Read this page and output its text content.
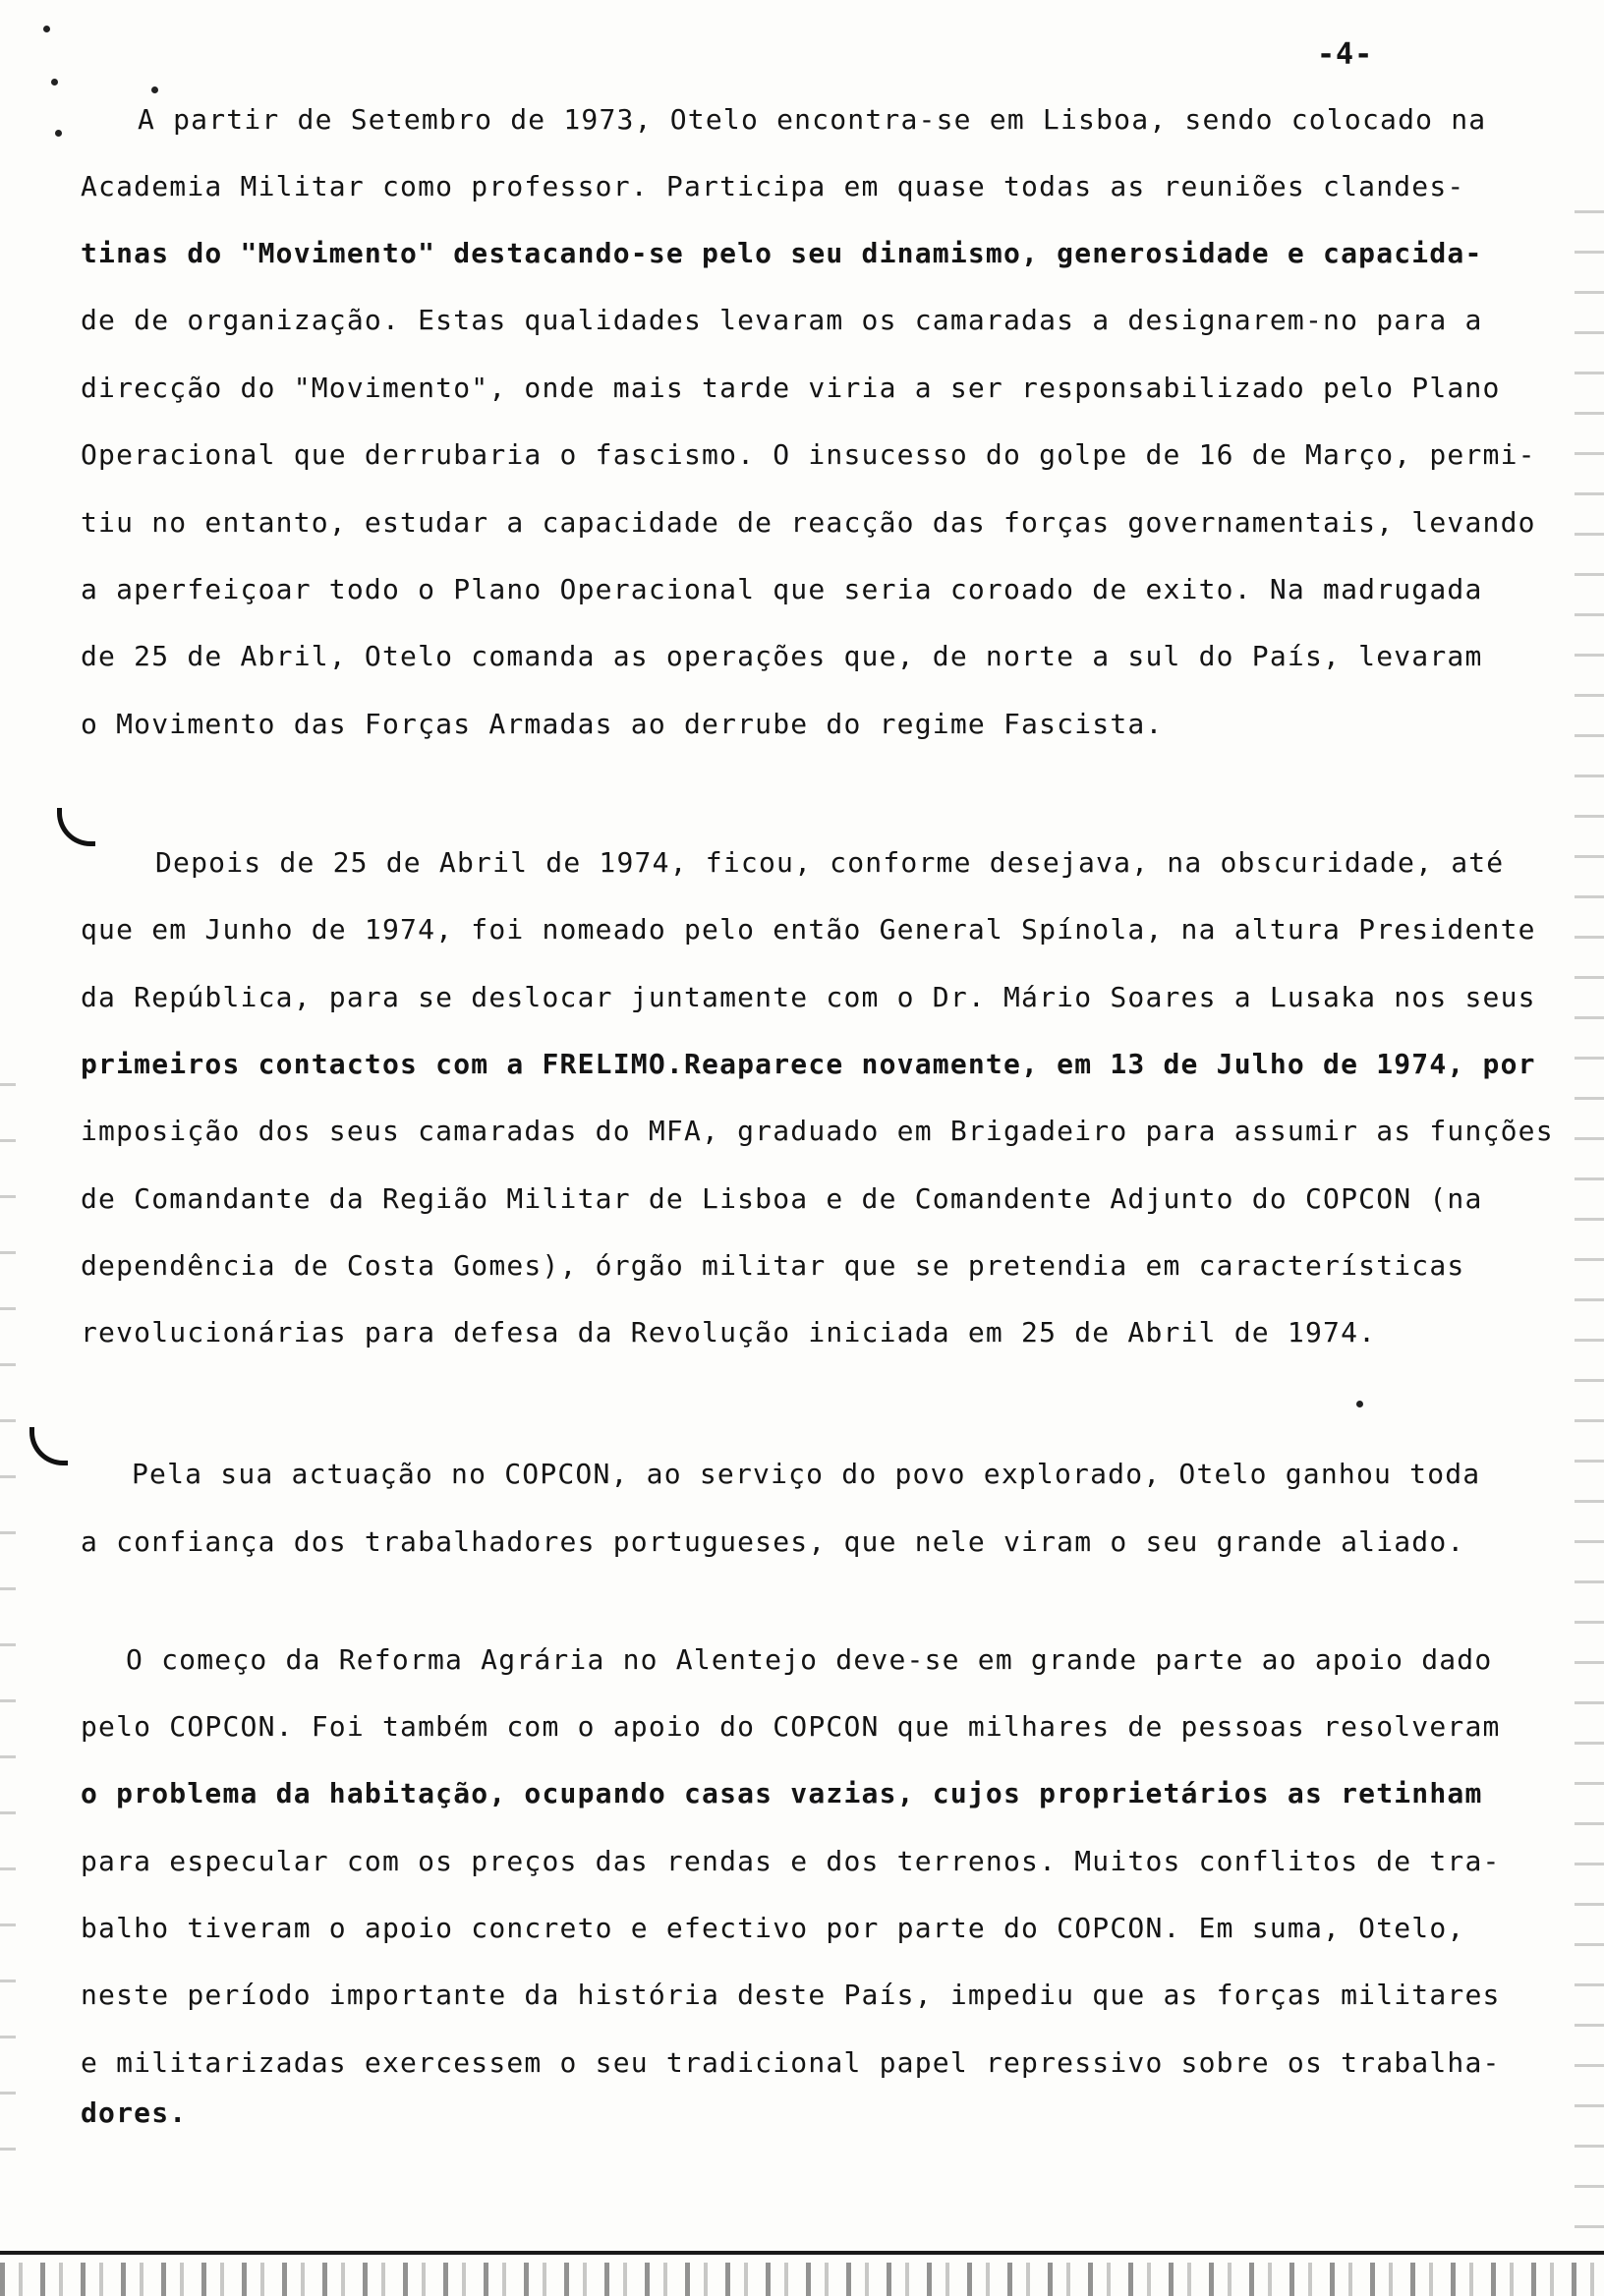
-4-
A partir de Setembro de 1973, Otelo encontra-se em Lisboa, sendo colocado na
Academia Militar como professor. Participa em quase todas as reuniões clandes-
tinas do "Movimento" destacando-se pelo seu dinamismo, generosidade e capacida-
de de organização. Estas qualidades levaram os camaradas a designarem-no para a
direcção do "Movimento", onde mais tarde viria a ser responsabilizado pelo Plano
Operacional que derrubaria o fascismo. O insucesso do golpe de 16 de Março, permi-
tiu no entanto, estudar a capacidade de reacção das forças governamentais, levando
a aperfeiçoar todo o Plano Operacional que seria coroado de exito. Na madrugada
de 25 de Abril, Otelo comanda as operações que, de norte a sul do País, levaram
o Movimento das Forças Armadas ao derrube do regime Fascista.
Depois de 25 de Abril de 1974, ficou, conforme desejava, na obscuridade, até
que em Junho de 1974, foi nomeado pelo então General Spínola, na altura Presidente
da República, para se deslocar juntamente com o Dr. Mário Soares a Lusaka nos seus
primeiros contactos com a FRELIMO.Reaparece novamente, em 13 de Julho de 1974, por
imposição dos seus camaradas do MFA, graduado em Brigadeiro para assumir as funções
de Comandante da Região Militar de Lisboa e de Comandente Adjunto do COPCON (na
dependência de Costa Gomes), órgão militar que se pretendia em características
revolucionárias para defesa da Revolução iniciada em 25 de Abril de 1974.
Pela sua actuação no COPCON, ao serviço do povo explorado, Otelo ganhou toda
a confiança dos trabalhadores portugueses, que nele viram o seu grande aliado.
O começo da Reforma Agrária no Alentejo deve-se em grande parte ao apoio dado
pelo COPCON. Foi também com o apoio do COPCON que milhares de pessoas resolveram
o problema da habitação, ocupando casas vazias, cujos proprietários as retinham
para especular com os preços das rendas e dos terrenos. Muitos conflitos de tra-
balho tiveram o apoio concreto e efectivo por parte do COPCON. Em suma, Otelo,
neste período importante da história deste País, impediu que as forças militares
e militarizadas exercessem o seu tradicional papel repressivo sobre os trabalha-
dores.
